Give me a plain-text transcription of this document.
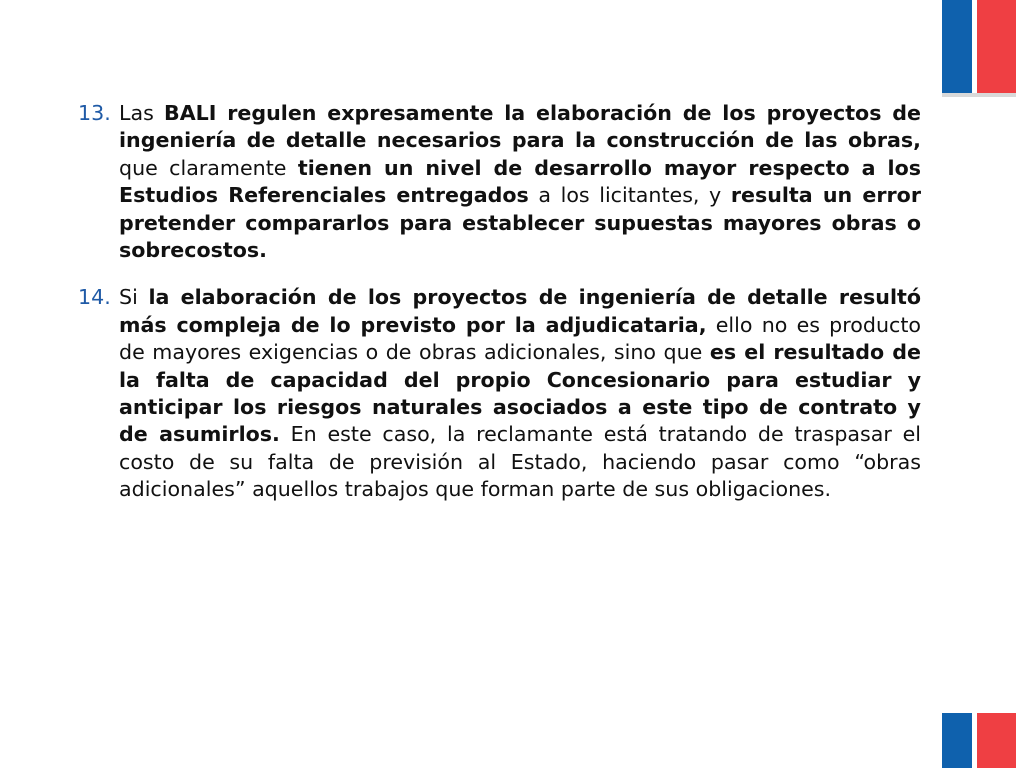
13. Las BALI regulen expresamente la elaboración de los proyectos de ingeniería de detalle necesarios para la construcción de las obras, que claramente tienen un nivel de desarrollo mayor respecto a los Estudios Referenciales entregados a los licitantes, y resulta un error pretender compararlos para establecer supuestas mayores obras o sobrecostos.
14. Si la elaboración de los proyectos de ingeniería de detalle resultó más compleja de lo previsto por la adjudicataria, ello no es producto de mayores exigencias o de obras adicionales, sino que es el resultado de la falta de capacidad del propio Concesionario para estudiar y anticipar los riesgos naturales asociados a este tipo de contrato y de asumirlos. En este caso, la reclamante está tratando de traspasar el costo de su falta de previsión al Estado, haciendo pasar como “obras adicionales” aquellos trabajos que forman parte de sus obligaciones.
